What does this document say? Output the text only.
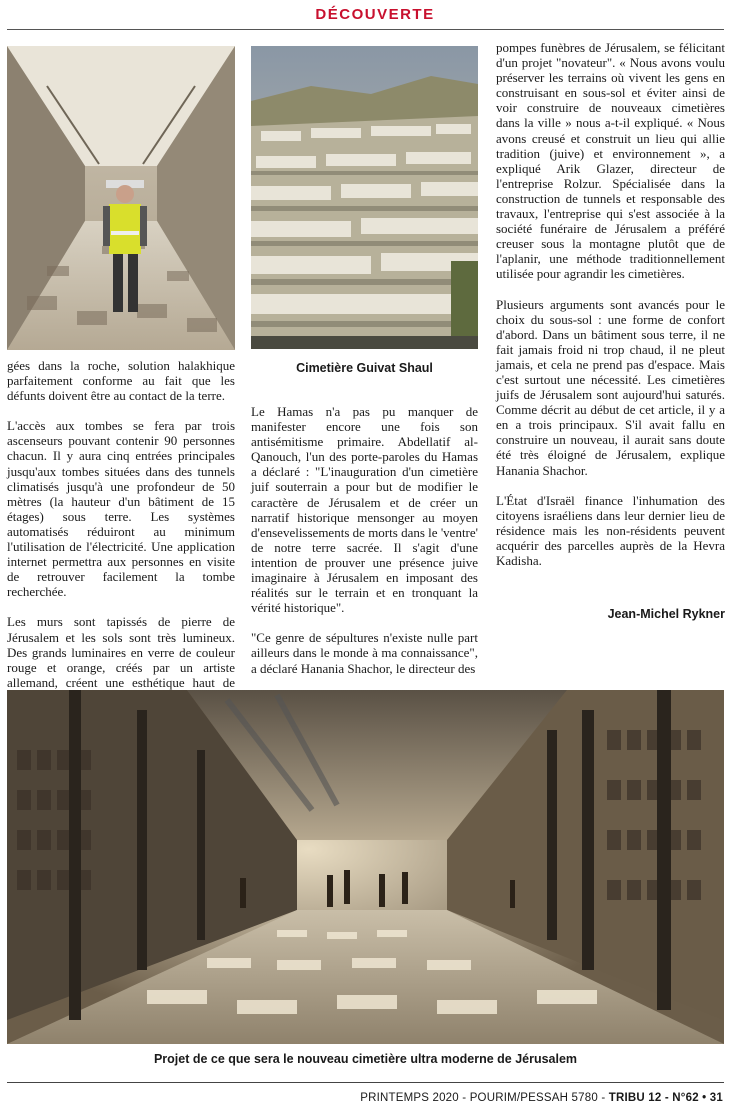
DÉCOUVERTE
Cimetière Guivat Shaul

gées dans la roche, solution halakhique parfaitement conforme au fait que les défunts doivent être au contact de la terre.

L'accès aux tombes se fera par trois ascenseurs pouvant contenir 90 personnes chacun. Il y aura cinq entrées principales jusqu'aux tombes situées dans des tunnels climatisés jusqu'à une profondeur de 50 mètres (la hauteur d'un bâtiment de 15 étages) sous terre. Les systèmes automatisés réduiront au minimum l'utilisation de l'électricité. Une application internet permettra aux personnes en visite de retrouver facilement la tombe recherchée.

Les murs sont tapissés de pierre de Jérusalem et les sols sont très lumineux. Des grands luminaires en verre de couleur rouge et orange, créés par un artiste allemand, créent une esthétique haut de

Le Hamas n'a pas pu manquer de manifester encore une fois son antisémitisme primaire. Abdellatif al-Qanouch, l'un des porte-paroles du Hamas a déclaré : "L'inauguration d'un cimetière juif souterrain a pour but de modifier le caractère de Jérusalem et de créer un narratif historique mensonger au moyen d'ensevelissements de morts dans le 'ventre' de notre terre sacrée. Il s'agit d'une intention de prouver une présence juive imaginaire à Jérusalem en imposant des réalités sur le terrain et en tronquant la vérité historique".

"Ce genre de sépultures n'existe nulle part ailleurs dans le monde à ma connaissance", a déclaré Hanania Shachor, le directeur des

pompes funèbres de Jérusalem, se félicitant d'un projet "novateur". « Nous avons voulu préserver les terrains où vivent les gens en construisant en sous-sol et éviter ainsi de voir construire de nouveaux cimetières dans la ville » nous a-t-il expliqué. « Nous avons creusé et construit un lieu qui allie tradition (juive) et environnement », a expliqué Arik Glazer, directeur de l'entreprise Rolzur. Spécialisée dans la construction de tunnels et responsable des travaux, l'entreprise qui s'est associée à la société funéraire de Jérusalem a préféré creuser sous la montagne plutôt que de l'aplanir, une méthode traditionnellement utilisée pour agrandir les cimetières.

Plusieurs arguments sont avancés pour le choix du sous-sol : une forme de confort d'abord. Dans un bâtiment sous terre, il ne fait jamais froid ni trop chaud, il ne pleut jamais, et cela ne prend pas d'espace. Mais c'est surtout une nécessité. Les cimetières juifs de Jérusalem sont aujourd'hui saturés. Comme décrit au début de cet article, il y a en a trois principaux. S'il avait fallu en construire un nouveau, il aurait sans doute été très éloigné de Jérusalem, explique Hanania Shachor.

L'État d'Israël finance l'inhumation des citoyens israéliens dans leur dernier lieu de résidence mais les non-résidents peuvent acquérir des parcelles auprès de la Hevra Kadisha.

Jean-Michel Rykner
Projet de ce que sera le nouveau cimetière ultra moderne de Jérusalem
PRINTEMPS 2020 - POURIM/PESSAH 5780 - TRIBU 12 - N°62 • 31
